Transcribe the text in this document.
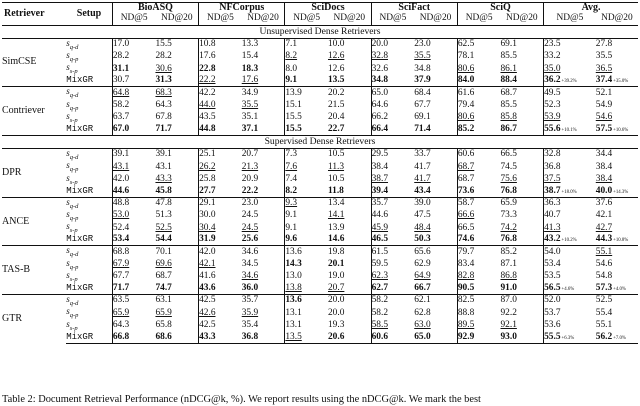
Retriever	Setup	BioASQ		NFCorpus		SciDocs		SciFact		SciQ		Avg.	
		ND@5	ND@20	ND@5	ND@20	ND@5	ND@20	ND@5	ND@20	ND@5	ND@20	ND@5	ND@20
Unsupervised Dense Retrievers													
SimCSE	$s_{q-d}$	17.0	15.5	10.8	13.3	7.1	10.0	20.0	23.0	62.5	69.1	23.5	27.8
	$s_{q-p}$	28.2	28.2	17.6	15.4	8.2	12.6	32.8	35.5	78.1	85.5	33.2	35.5
	$s_{s-p}$	31.1	30.6	22.8	18.3	8.0	12.6	32.6	34.8	80.6	86.1	35.0	36.5
	MixGR	30.7	31.3	22.2	17.6	9.1	13.5	34.8	37.9	84.0	88.4	36.2+39.2%	37.4+35.0%
Contriever	$s_{q-d}$	64.8	68.3	42.2	34.9	13.9	20.2	65.0	68.4	61.6	68.7	49.5	52.1
	$s_{q-p}$	58.2	64.3	44.0	35.5	15.1	21.5	64.6	67.7	79.4	85.5	52.3	54.9
	$s_{s-p}$	63.7	67.8	43.5	35.1	15.5	20.4	66.2	69.1	80.6	85.8	53.9	54.6
	MixGR	67.0	71.7	44.8	37.1	15.5	22.7	66.4	71.4	85.2	86.7	55.6+10.1%	57.5+10.6%
Supervised Dense Retrievers													
DPR	$s_{q-d}$	39.1	39.1	25.1	20.7	7.3	10.5	29.5	33.7	60.6	66.5	32.8	34.4
	$s_{q-p}$	43.1	43.1	26.2	21.3	7.6	11.3	38.4	41.7	68.7	74.5	36.8	38.4
	$s_{s-p}$	42.0	43.3	25.8	20.9	7.4	10.5	38.7	41.7	68.7	75.6	37.5	38.4
	MixGR	44.6	45.8	27.7	22.2	8.2	11.8	39.4	43.4	73.6	76.8	38.7+18.0%	40.0+14.3%
ANCE	$s_{q-d}$	48.8	47.8	29.1	23.0	9.3	13.4	35.7	39.0	58.7	65.9	36.3	37.6
	$s_{q-p}$	53.0	51.3	30.0	24.5	9.1	14.1	44.6	47.5	66.6	73.3	40.7	42.1
	$s_{s-p}$	52.4	52.5	30.4	24.5	9.1	13.9	45.9	48.4	66.5	74.2	41.3	42.7
	MixGR	53.4	54.4	31.9	25.6	9.6	14.6	46.5	50.3	74.6	76.8	43.2+10.2%	44.3+10.8%
TAS-B	$s_{q-d}$	68.8	70.1	42.0	34.6	13.6	19.8	61.5	65.6	79.7	85.2	54.0	55.1
	$s_{q-p}$	67.9	69.6	42.1	34.5	14.3	20.1	59.5	62.9	83.4	87.1	53.4	54.6
	$s_{s-p}$	67.7	68.7	41.6	34.6	13.0	19.0	62.3	64.9	82.8	86.8	53.5	54.8
	MixGR	71.7	74.7	43.6	36.0	13.8	20.7	62.7	66.7	90.5	91.0	56.5+4.6%	57.3+4.0%
GTR	$s_{q-d}$	63.5	63.1	42.5	35.7	13.6	20.0	58.2	62.1	82.5	87.0	52.0	52.5
	$s_{q-p}$	65.9	65.9	42.6	35.9	13.1	20.0	58.2	62.8	88.8	92.2	53.7	55.4
	$s_{s-p}$	64.3	65.8	42.5	35.4	13.1	19.3	58.5	63.0	89.5	92.1	53.6	55.1
	MixGR	66.8	68.6	43.3	36.8	13.5	20.6	60.6	65.0	92.9	93.0	55.5+6.3%	56.2+7.0%
Table 2: Document Retrieval Performance (nDCG@k, %). We report results using the nDCG@k. We mark the best
